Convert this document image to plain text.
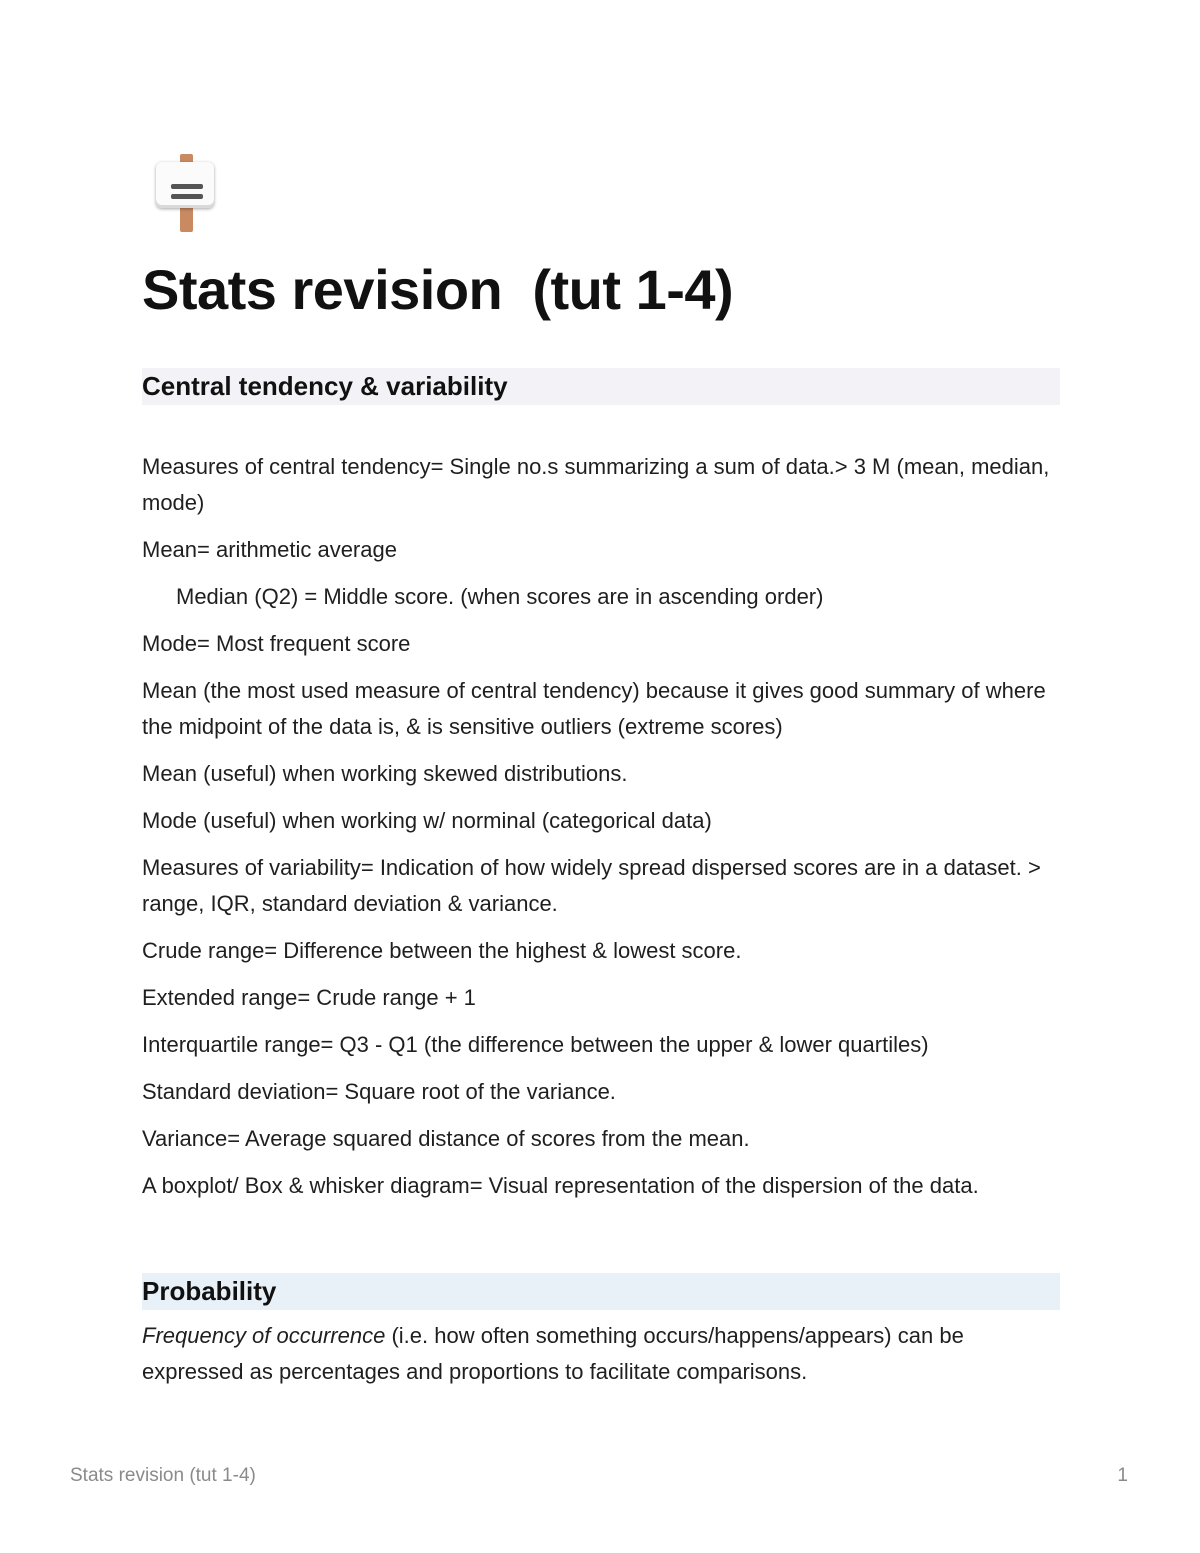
Stats revision  (tut 1-4)
Central tendency & variability

Measures of central tendency= Single no.s summarizing a sum of data.> 3 M (mean, median, mode)

Mean= arithmetic average

Median (Q2) = Middle score. (when scores are in ascending order)

Mode= Most frequent score

Mean (the most used measure of central tendency) because it gives good summary of where the midpoint of the data is, & is sensitive outliers (extreme scores)

Mean (useful) when working skewed distributions.

Mode (useful) when working w/ norminal (categorical data)

Measures of variability= Indication of how widely spread dispersed scores are in a dataset. > range, IQR, standard deviation & variance.

Crude range= Difference between the highest & lowest score.

Extended range= Crude range + 1

Interquartile range= Q3 - Q1 (the difference between the upper & lower quartiles)

Standard deviation= Square root of the variance.

Variance= Average squared distance of scores from the mean.

A boxplot/ Box & whisker diagram= Visual representation of the dispersion of the data.

Probability

Frequency of occurrence (i.e. how often something occurs/happens/appears) can be expressed as percentages and proportions to facilitate comparisons.

Stats revision (tut 1-4)	1
